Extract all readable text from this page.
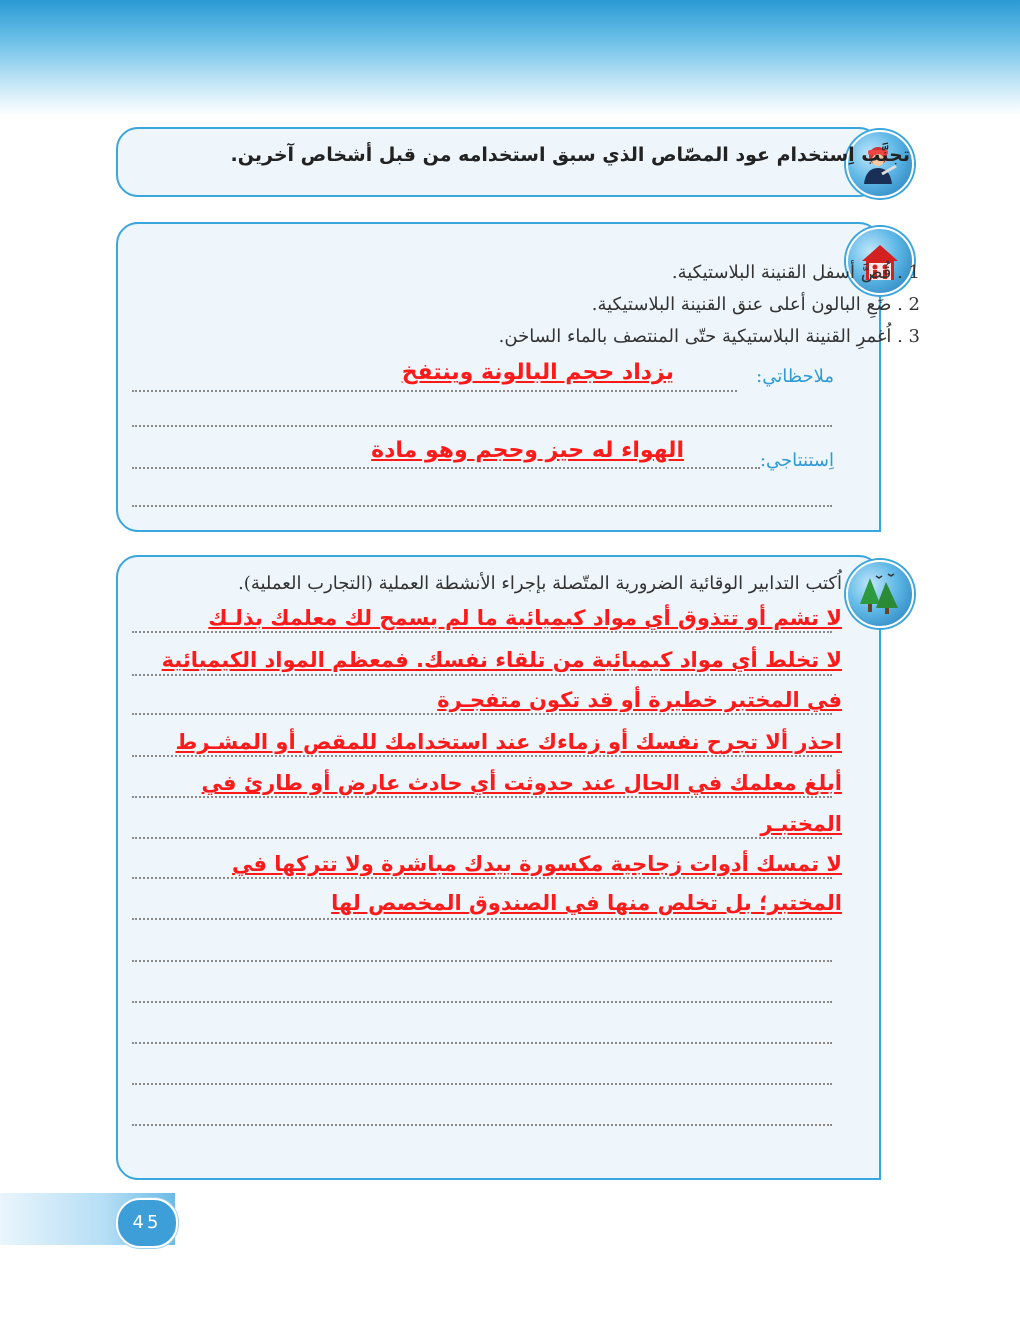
تجنَّب اِستخدام عود المصّاص الذي سبق استخدامه من قبل أشخاص آخرين.
1 . قُصَّ أسفل القنينة البلاستيكية.
2 . ضَعِ البالون أعلى عنق القنينة البلاستيكية.
3 . اُغمرِ القنينة البلاستيكية حتّى المنتصف بالماء الساخن.
ملاحظاتي:
يزداد حجم البالونة وينتفخ
اِستنتاجي:
الهواء له حيز وحجم وهو مادة
اُكتب التدابير الوقائية الضرورية المتّصلة بإجراء الأنشطة العملية (التجارب العملية).
لا تشم أو تتذوق أي مواد كيميائية ما لم يسمح لك معلمك بذلـك
لا تخلط أي مواد كيميائية من تلقاء نفسك. فمعظم المواد الكيميائية
في المختبر خطيرة أو قد تكون متفجـرة
احذر ألا تجرح نفسك أو زماءك عند استخدامك للمقص أو المشـرط
أبلغ معلمك في الحال عند حدوثت أي حادث عارض أو طارئ في
المختبـر
لا تمسك أدوات زجاجية مكسورة بيدك مباشرة ولا تتركها في
المختبر؛ بل تخلص منها في الصندوق المخصص لها
45
